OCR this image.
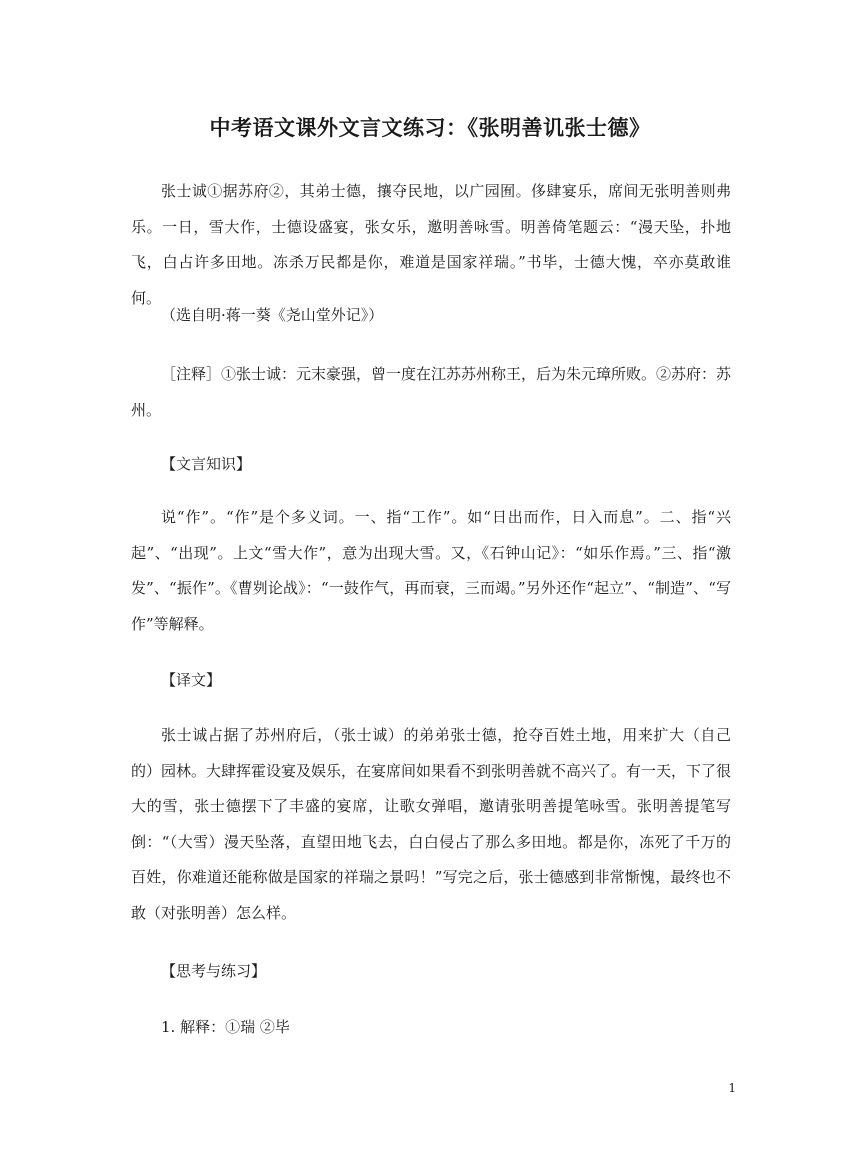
中考语文课外文言文练习：《张明善讥张士德》
张士诚①据苏府②，其弟士德，攘夺民地，以广园囿。侈肆宴乐，席间无张明善则弗乐。一日，雪大作，士德设盛宴，张女乐，邀明善咏雪。明善倚笔题云：“漫天坠，扑地飞，白占许多田地。冻杀万民都是你，难道是国家祥瑞。”书毕，士德大愧，卒亦莫敢谁何。
（选自明·蒋一葵《尧山堂外记》）
［注释］①张士诚：元末豪强，曾一度在江苏苏州称王，后为朱元璋所败。②苏府：苏州。
【文言知识】
说“作”。“作”是个多义词。一、指“工作”。如“日出而作，日入而息”。二、指“兴起”、“出现”。上文“雪大作”，意为出现大雪。又，《石钟山记》：“如乐作焉。”三、指“激发”、“振作”。《曹刿论战》：“一鼓作气，再而衰，三而竭。”另外还作“起立”、“制造”、“写作”等解释。
【译文】
张士诚占据了苏州府后，（张士诚）的弟弟张士德，抢夺百姓土地，用来扩大（自己的）园林。大肆挥霍设宴及娱乐，在宴席间如果看不到张明善就不高兴了。有一天，下了很大的雪，张士德摆下了丰盛的宴席，让歌女弹唱，邀请张明善提笔咏雪。张明善提笔写倒：“（大雪）漫天坠落，直望田地飞去，白白侵占了那么多田地。都是你，冻死了千万的百姓，你难道还能称做是国家的祥瑞之景吗！”写完之后，张士德感到非常惭愧，最终也不敢（对张明善）怎么样。
【思考与练习】
1. 解释：①瑞 ②毕
1
